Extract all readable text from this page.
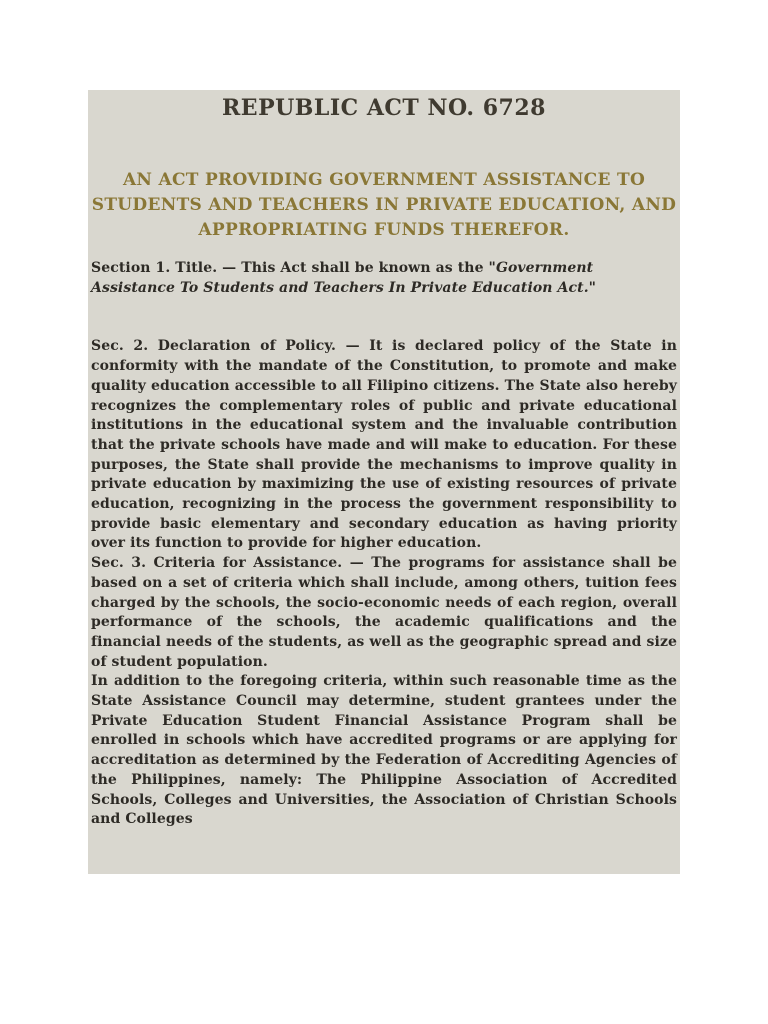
REPUBLIC ACT NO. 6728
AN ACT PROVIDING GOVERNMENT ASSISTANCE TO STUDENTS AND TEACHERS IN PRIVATE EDUCATION, AND APPROPRIATING FUNDS THEREFOR.

Section 1. Title. — This Act shall be known as the "Government Assistance To Students and Teachers In Private Education Act."

Sec. 2. Declaration of Policy. — It is declared policy of the State in conformity with the mandate of the Constitution, to promote and make quality education accessible to all Filipino citizens. The State also hereby recognizes the complementary roles of public and private educational institutions in the educational system and the invaluable contribution that the private schools have made and will make to education. For these purposes, the State shall provide the mechanisms to improve quality in private education by maximizing the use of existing resources of private education, recognizing in the process the government responsibility to provide basic elementary and secondary education as having priority over its function to provide for higher education.

Sec. 3. Criteria for Assistance. — The programs for assistance shall be based on a set of criteria which shall include, among others, tuition fees charged by the schools, the socio-economic needs of each region, overall performance of the schools, the academic qualifications and the financial needs of the students, as well as the geographic spread and size of student population.

In addition to the foregoing criteria, within such reasonable time as the State Assistance Council may determine, student grantees under the Private Education Student Financial Assistance Program shall be enrolled in schools which have accredited programs or are applying for accreditation as determined by the Federation of Accrediting Agencies of the Philippines, namely: The Philippine Association of Accredited Schools, Colleges and Universities, the Association of Christian Schools and Colleges
